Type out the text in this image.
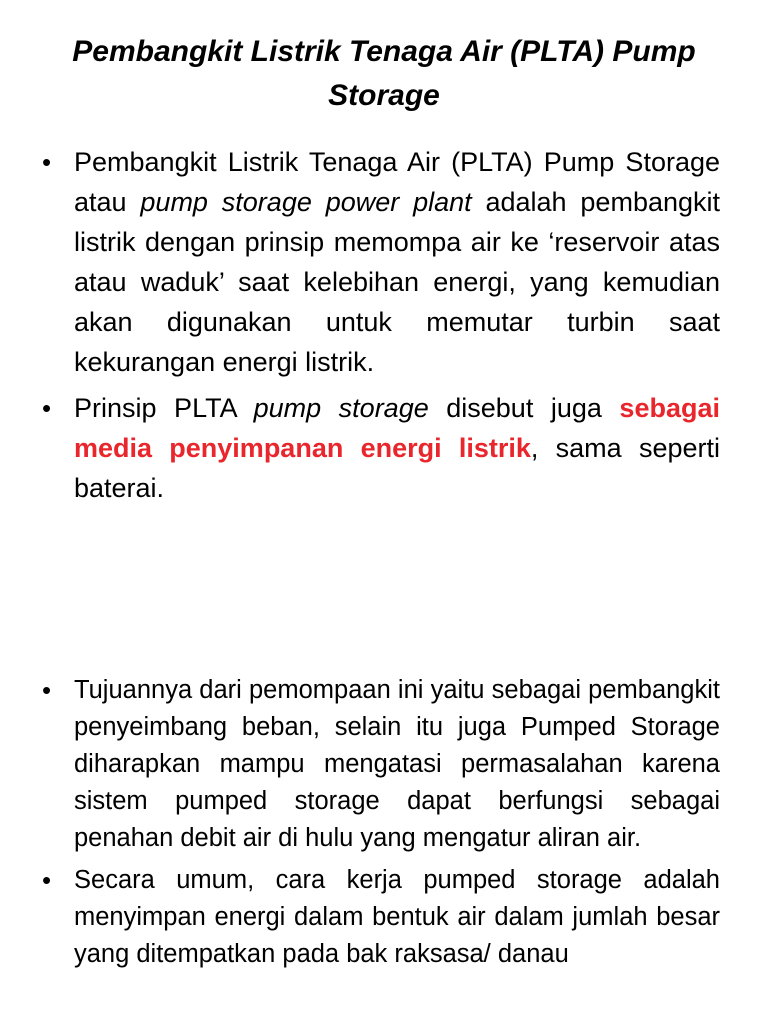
Pembangkit Listrik Tenaga Air (PLTA) Pump Storage
• Pembangkit Listrik Tenaga Air (PLTA) Pump Storage atau pump storage power plant adalah pembangkit listrik dengan prinsip memompa air ke ‘reservoir atas atau waduk’ saat kelebihan energi, yang kemudian akan digunakan untuk memutar turbin saat kekurangan energi listrik.
• Prinsip PLTA pump storage disebut juga sebagai media penyimpanan energi listrik, sama seperti baterai.
• Tujuannya dari pemompaan ini yaitu sebagai pembangkit penyeimbang beban, selain itu juga Pumped Storage diharapkan mampu mengatasi permasalahan karena sistem pumped storage dapat berfungsi sebagai penahan debit air di hulu yang mengatur aliran air.
• Secara umum, cara kerja pumped storage adalah menyimpan energi dalam bentuk air dalam jumlah besar yang ditempatkan pada bak raksasa/ danau
